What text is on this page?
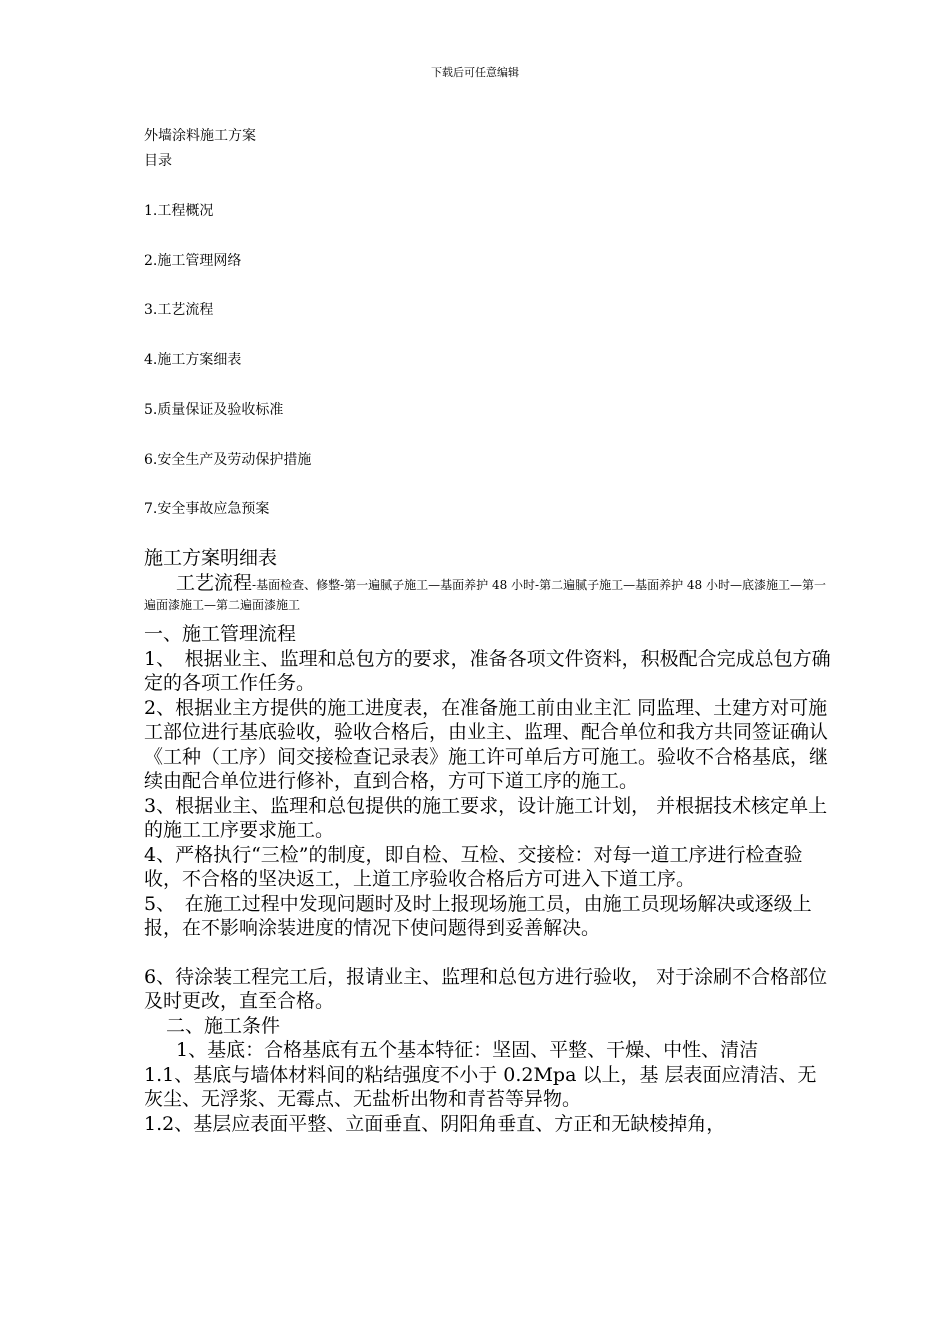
下载后可任意编辑
外墙涂料施工方案
目录
1.工程概况
2.施工管理网络
3.工艺流程
4.施工方案细表
5.质量保证及验收标准
6.安全生产及劳动保护措施
7.安全事故应急预案
施工方案明细表
工艺流程-基面检查、修整-第一遍腻子施工—基面养护 48 小时-第二遍腻子施工—基面养护 48 小时—底漆施工—第一遍面漆施工—第二遍面漆施工

一、施工管理流程

1、　根据业主、监理和总包方的要求，准备各项文件资料，积极配合完成总包方确定的各项工作任务。

2、根据业主方提供的施工进度表，在准备施工前由业主汇 同监理、土建方对可施工部位进行基底验收，验收合格后，由业主、监理、配合单位和我方共同签证确认《工种（工序）间交接检查记录表》施工许可单后方可施工。验收不合格基底，继续由配合单位进行修补，直到合格，方可下道工序的施工。

3、根据业主、监理和总包提供的施工要求，设计施工计划， 并根据技术核定单上的施工工序要求施工。

4、严格执行“三检”的制度，即自检、互检、交接检：对每一道工序进行检查验收，不合格的坚决返工，上道工序验收合格后方可进入下道工序。

5、　在施工过程中发现问题时及时上报现场施工员，由施工员现场解决或逐级上报，在不影响涂装进度的情况下使问题得到妥善解决。

6、待涂装工程完工后，报请业主、监理和总包方进行验收， 对于涂刷不合格部位及时更改，直至合格。

二、施工条件

1、基底：合格基底有五个基本特征：坚固、平整、干燥、中性、清洁

1.1、基底与墙体材料间的粘结强度不小于 0.2Mpa 以上，基 层表面应清洁、无灰尘、无浮浆、无霉点、无盐析出物和青苔等异物。

1.2、基层应表面平整、立面垂直、阴阳角垂直、方正和无缺棱掉角，
